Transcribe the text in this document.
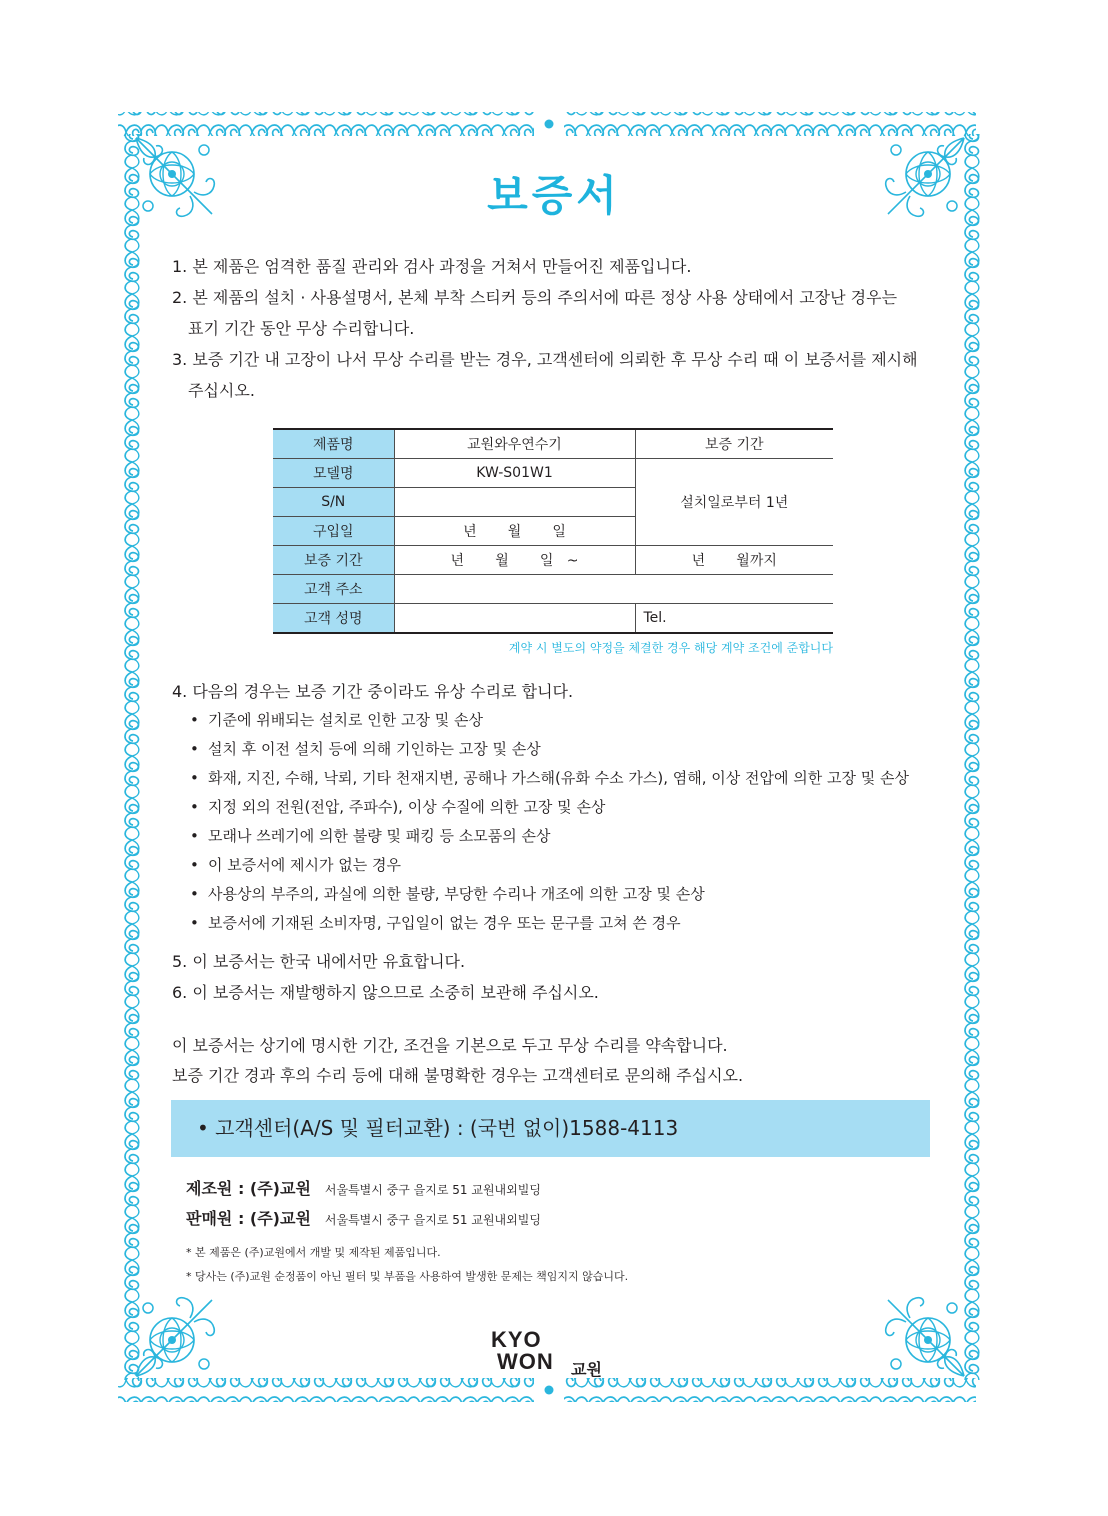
보증서
1. 본 제품은 엄격한 품질 관리와 검사 과정을 거쳐서 만들어진 제품입니다.
2. 본 제품의 설치 · 사용설명서, 본체 부착 스티커 등의 주의서에 따른 정상 사용 상태에서 고장난 경우는
표기 기간 동안 무상 수리합니다.
3. 보증 기간 내 고장이 나서 무상 수리를 받는 경우, 고객센터에 의뢰한 후 무상 수리 때 이 보증서를 제시해
주십시오.
제품명	교원와우연수기	보증 기간
모델명	KW-S01W1	설치일로부터 1년
S/N		
구입일	년       월       일	
보증 기간	년       월       일   ~	년       월까지
고객 주소		
고객 성명		Tel.
계약 시 별도의 약정을 체결한 경우 해당 계약 조건에 준합니다
4. 다음의 경우는 보증 기간 중이라도 유상 수리로 합니다.
• 기준에 위배되는 설치로 인한 고장 및 손상
• 설치 후 이전 설치 등에 의해 기인하는 고장 및 손상
• 화재, 지진, 수해, 낙뢰, 기타 천재지변, 공해나 가스해(유화 수소 가스), 염해, 이상 전압에 의한 고장 및 손상
• 지정 외의 전원(전압, 주파수), 이상 수질에 의한 고장 및 손상
• 모래나 쓰레기에 의한 불량 및 패킹 등 소모품의 손상
• 이 보증서에 제시가 없는 경우
• 사용상의 부주의, 과실에 의한 불량, 부당한 수리나 개조에 의한 고장 및 손상
• 보증서에 기재된 소비자명, 구입일이 없는 경우 또는 문구를 고쳐 쓴 경우
5. 이 보증서는 한국 내에서만 유효합니다.
6. 이 보증서는 재발행하지 않으므로 소중히 보관해 주십시오.
이 보증서는 상기에 명시한 기간, 조건을 기본으로 두고 무상 수리를 약속합니다.
보증 기간 경과 후의 수리 등에 대해 불명확한 경우는 고객센터로 문의해 주십시오.
• 고객센터(A/S 및 필터교환) : (국번 없이)1588-4113
제조원 : (주)교원 서울특별시 중구 을지로 51 교원내외빌딩
판매원 : (주)교원 서울특별시 중구 을지로 51 교원내외빌딩
* 본 제품은 (주)교원에서 개발 및 제작된 제품입니다.
* 당사는 (주)교원 순정품이 아닌 필터 및 부품을 사용하여 발생한 문제는 책임지지 않습니다.
KYO
WON 교원
